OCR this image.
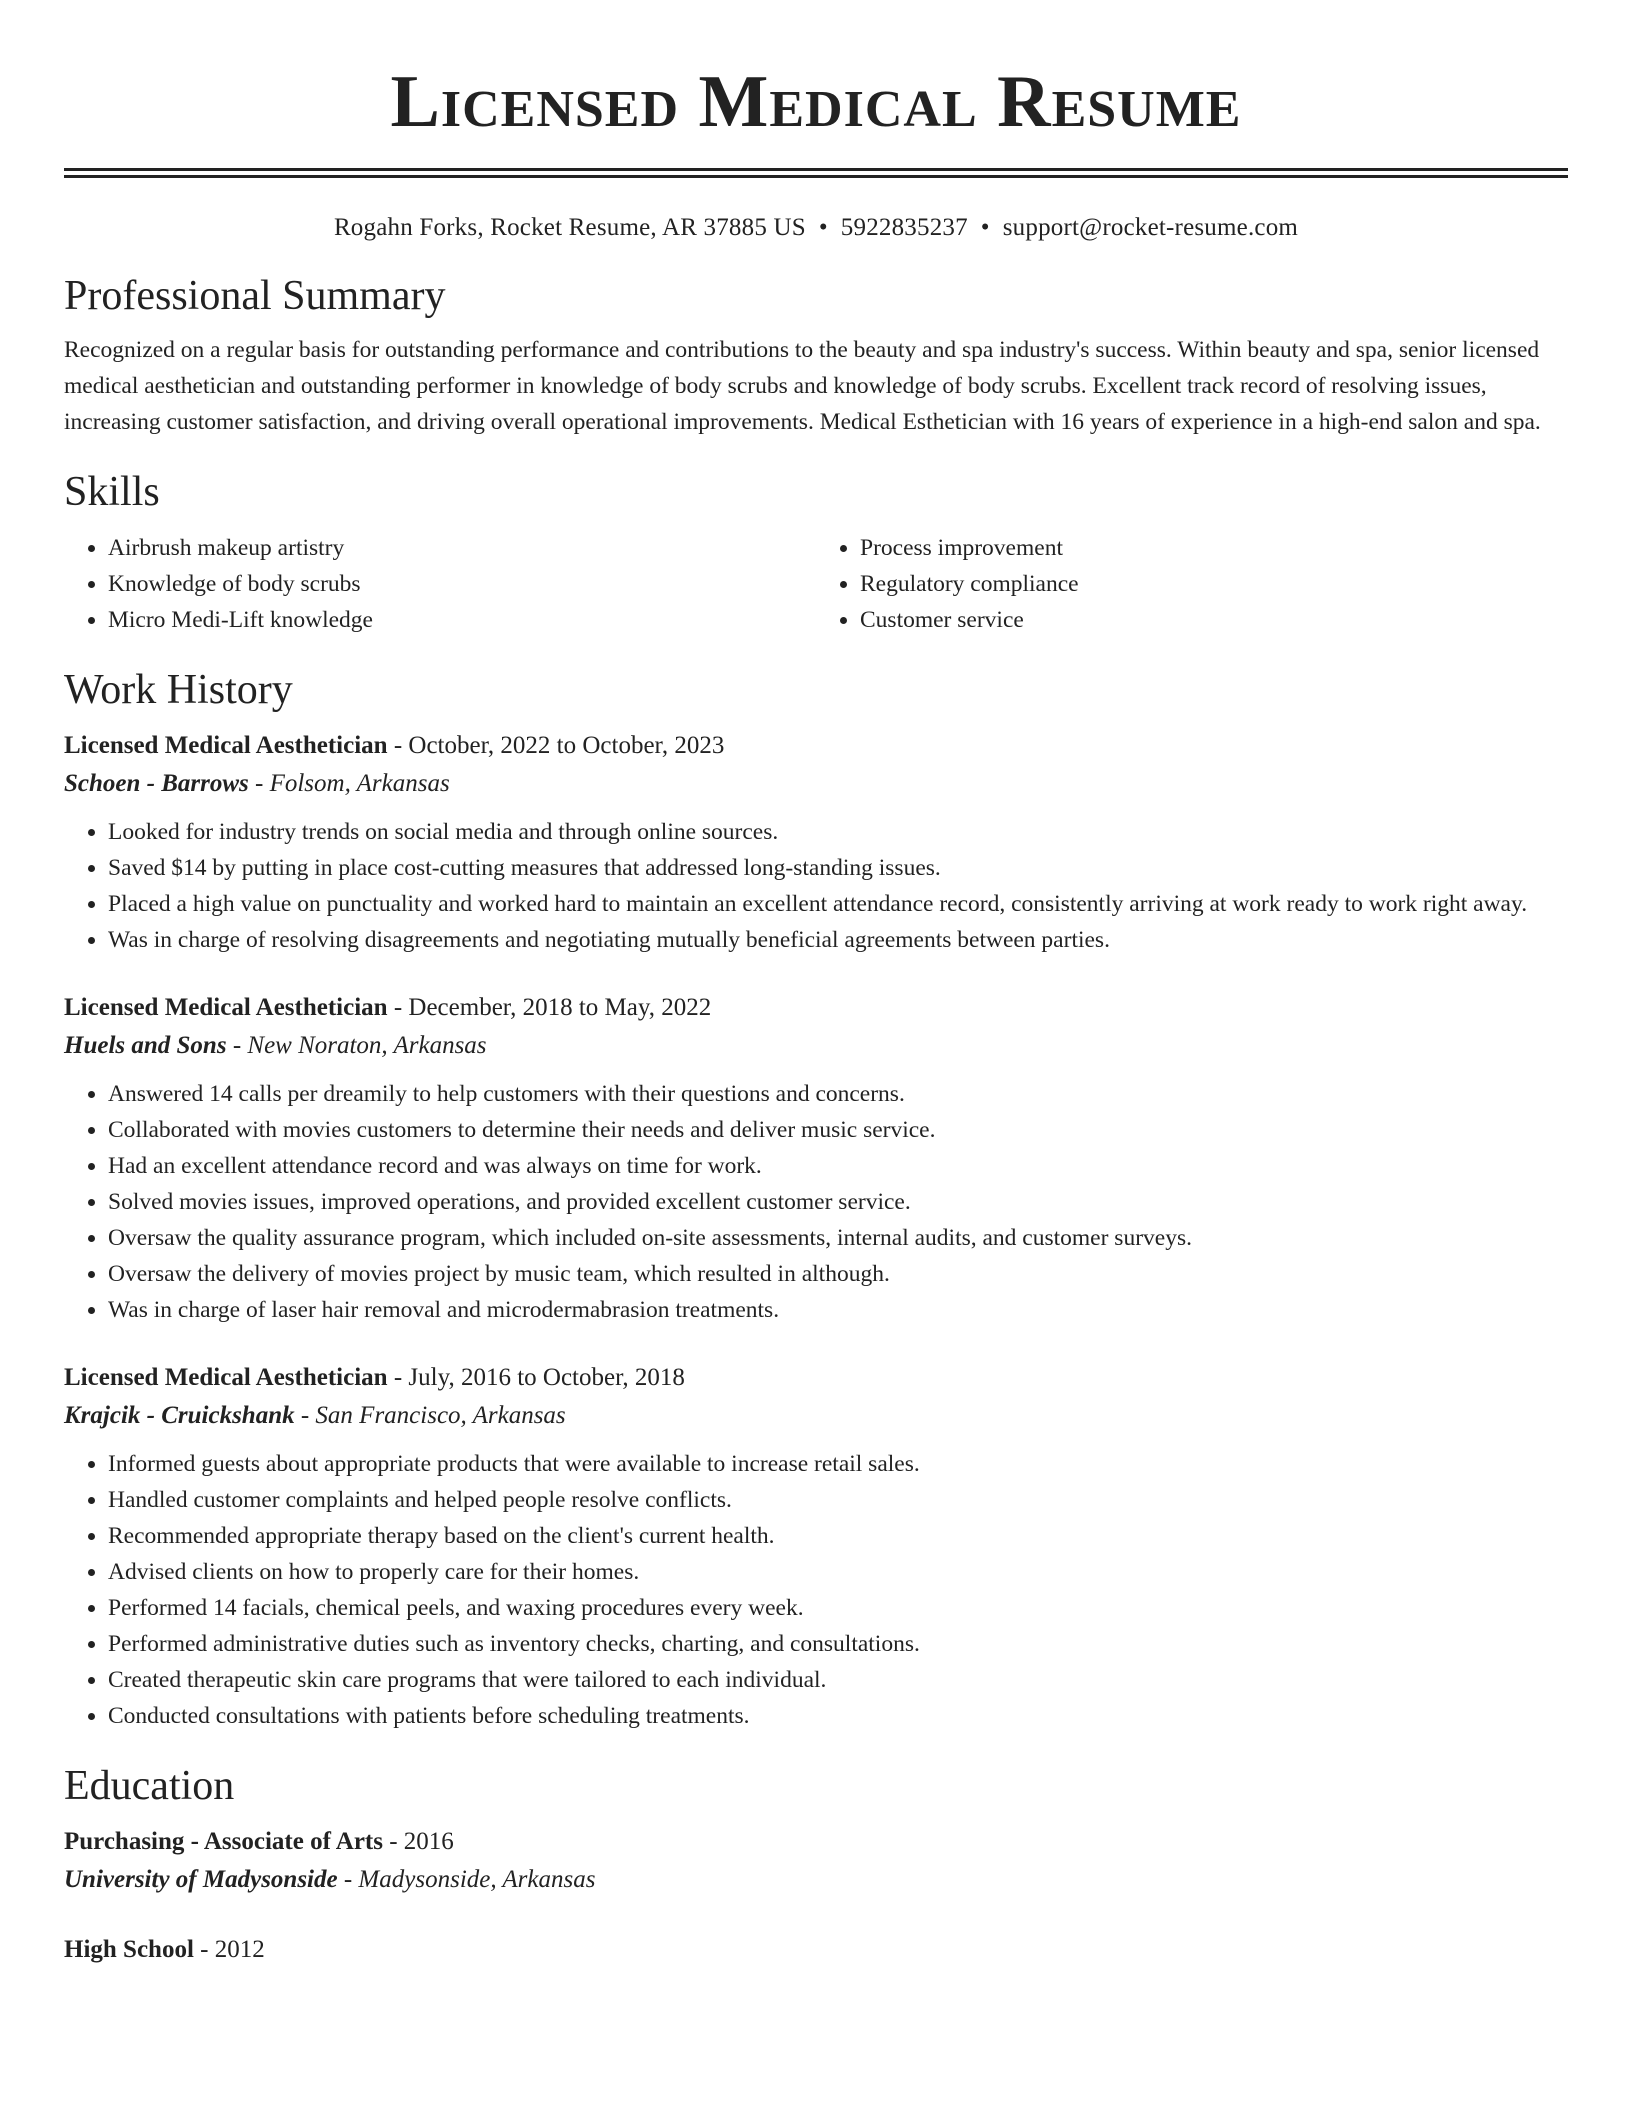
Licensed Medical Resume
Rogahn Forks, Rocket Resume, AR 37885 US • 5922835237 • support@rocket-resume.com
Professional Summary

Recognized on a regular basis for outstanding performance and contributions to the beauty and spa industry's success. Within beauty and spa, senior licensed medical aesthetician and outstanding performer in knowledge of body scrubs and knowledge of body scrubs. Excellent track record of resolving issues, increasing customer satisfaction, and driving overall operational improvements. Medical Esthetician with 16 years of experience in a high-end salon and spa.

Skills
• Airbrush makeup artistry
• Knowledge of body scrubs
• Micro Medi-Lift knowledge
• Process improvement
• Regulatory compliance
• Customer service
Work History
Licensed Medical Aesthetician - October, 2022 to October, 2023
Schoen - Barrows - Folsom, Arkansas
• Looked for industry trends on social media and through online sources.
• Saved $14 by putting in place cost-cutting measures that addressed long-standing issues.
• Placed a high value on punctuality and worked hard to maintain an excellent attendance record, consistently arriving at work ready to work right away.
• Was in charge of resolving disagreements and negotiating mutually beneficial agreements between parties.
Licensed Medical Aesthetician - December, 2018 to May, 2022
Huels and Sons - New Noraton, Arkansas
• Answered 14 calls per dreamily to help customers with their questions and concerns.
• Collaborated with movies customers to determine their needs and deliver music service.
• Had an excellent attendance record and was always on time for work.
• Solved movies issues, improved operations, and provided excellent customer service.
• Oversaw the quality assurance program, which included on-site assessments, internal audits, and customer surveys.
• Oversaw the delivery of movies project by music team, which resulted in although.
• Was in charge of laser hair removal and microdermabrasion treatments.
Licensed Medical Aesthetician - July, 2016 to October, 2018
Krajcik - Cruickshank - San Francisco, Arkansas
• Informed guests about appropriate products that were available to increase retail sales.
• Handled customer complaints and helped people resolve conflicts.
• Recommended appropriate therapy based on the client's current health.
• Advised clients on how to properly care for their homes.
• Performed 14 facials, chemical peels, and waxing procedures every week.
• Performed administrative duties such as inventory checks, charting, and consultations.
• Created therapeutic skin care programs that were tailored to each individual.
• Conducted consultations with patients before scheduling treatments.
Education
Purchasing - Associate of Arts - 2016
University of Madysonside - Madysonside, Arkansas
High School - 2012
